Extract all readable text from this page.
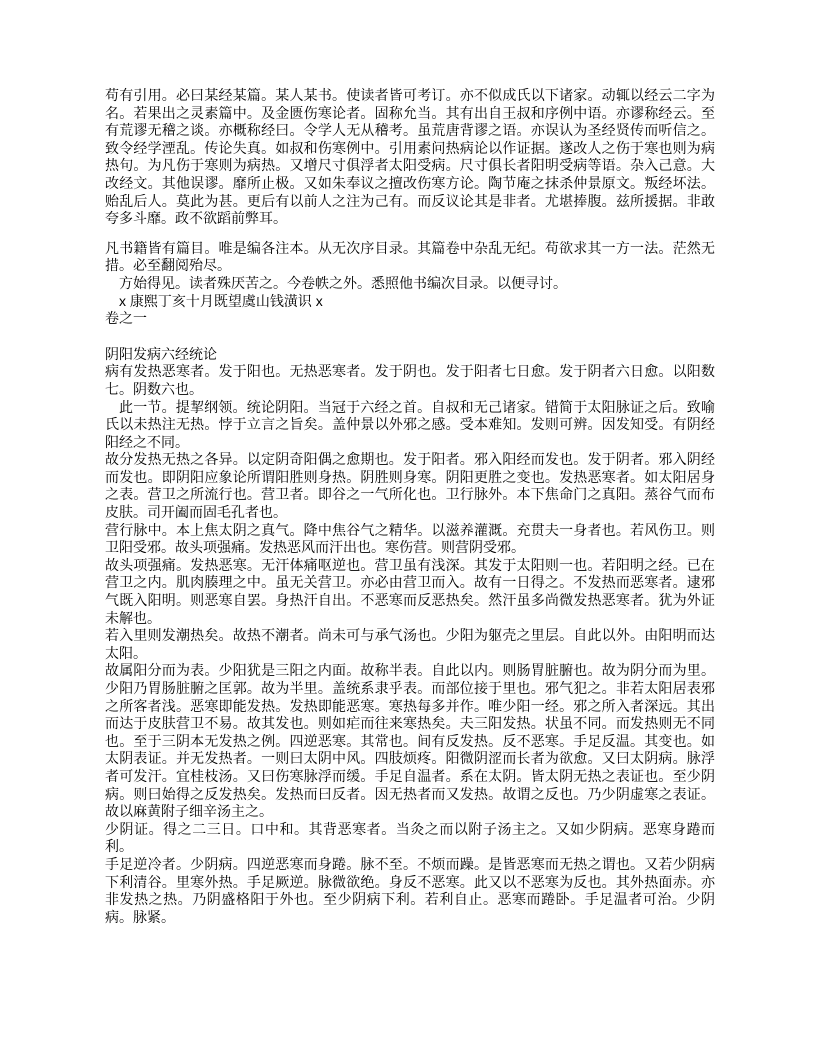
苟有引用。必曰某经某篇。某人某书。使读者皆可考订。亦不似成氏以下诸家。动辄以经云二字为名。若果出之灵素篇中。及金匮伤寒论者。固称允当。其有出自王叔和序例中语。亦谬称经云。至有荒谬无稽之谈。亦概称经曰。令学人无从稽考。虽荒唐背谬之语。亦误认为圣经贤传而听信之。致令经学湮乱。传论失真。如叔和伤寒例中。引用素问热病论以作证据。遂改人之伤于寒也则为病热句。为凡伤于寒则为病热。又增尺寸俱浮者太阳受病。尺寸俱长者阳明受病等语。杂入己意。大改经文。其他误谬。靡所止极。又如朱奉议之擅改伤寒方论。陶节庵之抹杀仲景原文。叛经坏法。贻乱后人。莫此为甚。更后有以前人之注为己有。而反议论其是非者。尤堪捧腹。兹所援据。非敢夸多斗靡。政不欲蹈前弊耳。

凡书籍皆有篇目。唯是编各注本。从无次序目录。其篇卷中杂乱无纪。苟欲求其一方一法。茫然无措。必至翻阅殆尽。

方始得见。读者殊厌苦之。今卷帙之外。悉照他书编次目录。以便寻讨。

x 康熙丁亥十月既望虞山钱潢识 x

卷之一

阴阳发病六经统论

病有发热恶寒者。发于阳也。无热恶寒者。发于阴也。发于阳者七日愈。发于阴者六日愈。以阳数七。阴数六也。

此一节。提挈纲领。统论阴阳。当冠于六经之首。自叔和无己诸家。错简于太阳脉证之后。致喻氏以未热注无热。悖于立言之旨矣。盖仲景以外邪之感。受本难知。发则可辨。因发知受。有阴经阳经之不同。

故分发热无热之各异。以定阴奇阳偶之愈期也。发于阳者。邪入阳经而发也。发于阴者。邪入阴经而发也。即阴阳应象论所谓阳胜则身热。阴胜则身寒。阴阳更胜之变也。发热恶寒者。如太阳居身之表。营卫之所流行也。营卫者。即谷之一气所化也。卫行脉外。本下焦命门之真阳。蒸谷气而布皮肤。司开阖而固毛孔者也。

营行脉中。本上焦太阴之真气。降中焦谷气之精华。以滋养灌溉。充贯夫一身者也。若风伤卫。则卫阳受邪。故头项强痛。发热恶风而汗出也。寒伤营。则营阴受邪。

故头项强痛。发热恶寒。无汗体痛呕逆也。营卫虽有浅深。其发于太阳则一也。若阳明之经。已在营卫之内。肌肉腠理之中。虽无关营卫。亦必由营卫而入。故有一日得之。不发热而恶寒者。逮邪气既入阳明。则恶寒自罢。身热汗自出。不恶寒而反恶热矣。然汗虽多尚微发热恶寒者。犹为外证未解也。

若入里则发潮热矣。故热不潮者。尚未可与承气汤也。少阳为躯壳之里层。自此以外。由阳明而达太阳。

故属阳分而为表。少阳犹是三阳之内面。故称半表。自此以内。则肠胃脏腑也。故为阴分而为里。少阳乃胃肠脏腑之匡郭。故为半里。盖统系隶乎表。而部位接于里也。邪气犯之。非若太阳居表邪之所客者浅。恶寒即能发热。发热即能恶寒。寒热每多并作。唯少阳一经。邪之所入者深远。其出而达于皮肤营卫不易。故其发也。则如疟而往来寒热矣。夫三阳发热。状虽不同。而发热则无不同也。至于三阴本无发热之例。四逆恶寒。其常也。间有反发热。反不恶寒。手足反温。其变也。如太阴表证。并无发热者。一则曰太阴中风。四肢烦疼。阳微阴涩而长者为欲愈。又曰太阴病。脉浮者可发汗。宜桂枝汤。又曰伤寒脉浮而缓。手足自温者。系在太阴。皆太阴无热之表证也。至少阴病。则曰始得之反发热矣。发热而曰反者。因无热者而又发热。故谓之反也。乃少阴虚寒之表证。故以麻黄附子细辛汤主之。

少阴证。得之二三日。口中和。其背恶寒者。当灸之而以附子汤主之。又如少阴病。恶寒身踡而利。

手足逆冷者。少阴病。四逆恶寒而身踡。脉不至。不烦而躁。是皆恶寒而无热之谓也。又若少阴病下利清谷。里寒外热。手足厥逆。脉微欲绝。身反不恶寒。此又以不恶寒为反也。其外热面赤。亦非发热之热。乃阴盛格阳于外也。至少阴病下利。若利自止。恶寒而踡卧。手足温者可治。少阴病。脉紧。
